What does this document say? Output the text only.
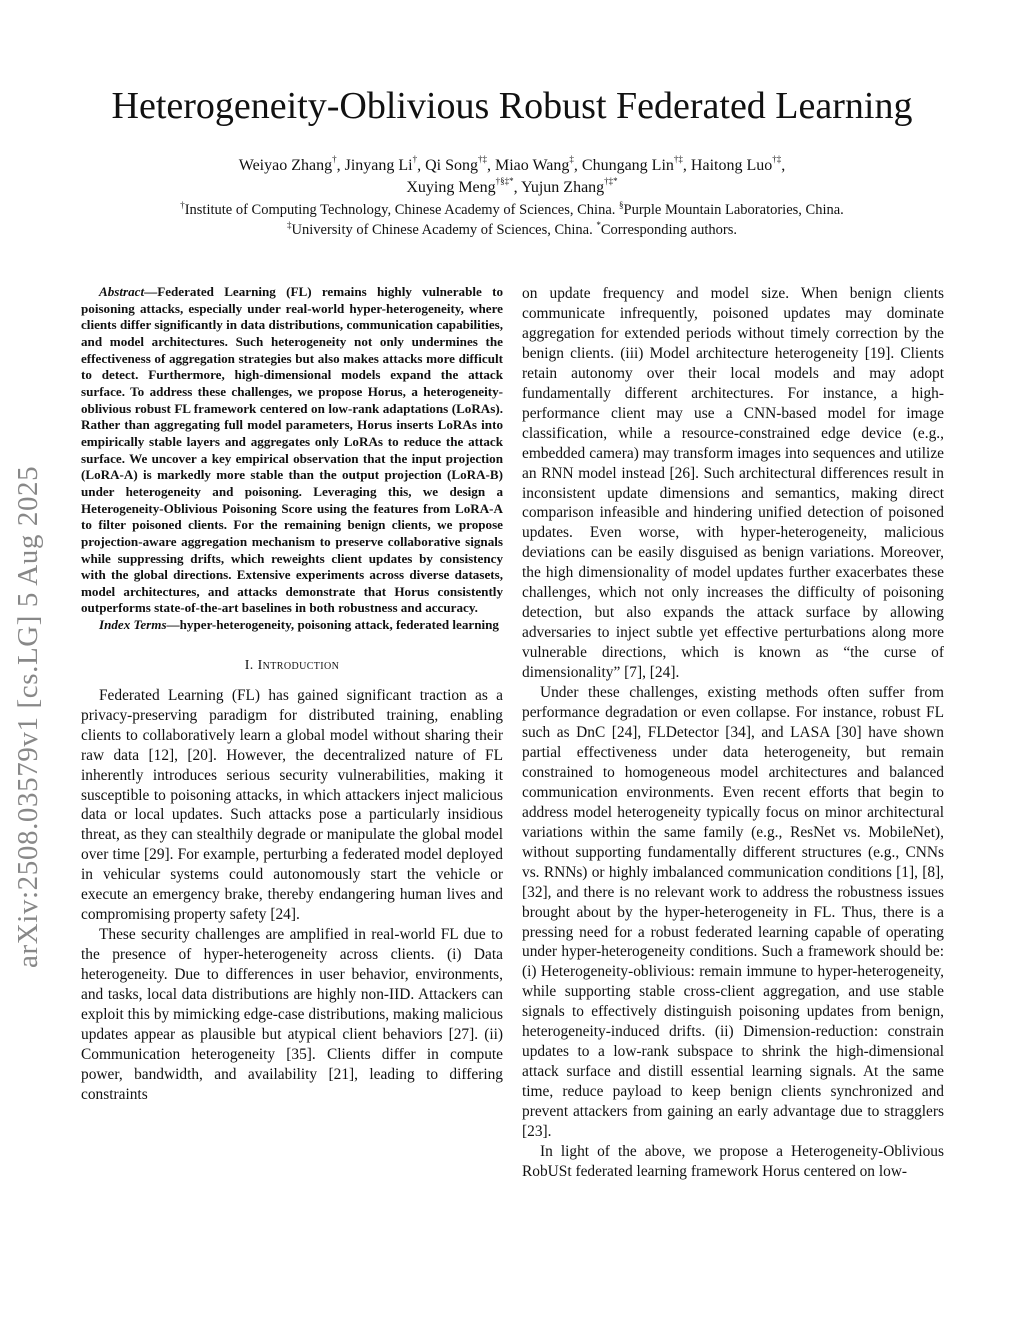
arXiv:2508.03579v1 [cs.LG] 5 Aug 2025
Heterogeneity-Oblivious Robust Federated Learning
Weiyao Zhang†, Jinyang Li†, Qi Song†‡, Miao Wang‡, Chungang Lin†‡, Haitong Luo†‡,
Xuying Meng†§‡*, Yujun Zhang†‡*
†Institute of Computing Technology, Chinese Academy of Sciences, China. §Purple Mountain Laboratories, China.
‡University of Chinese Academy of Sciences, China. *Corresponding authors.

Abstract—Federated Learning (FL) remains highly vulnerable to poisoning attacks, especially under real-world hyper-heterogeneity, where clients differ significantly in data distributions, communication capabilities, and model architectures. Such heterogeneity not only undermines the effectiveness of aggregation strategies but also makes attacks more difficult to detect. Furthermore, high-dimensional models expand the attack surface. To address these challenges, we propose Horus, a heterogeneity-oblivious robust FL framework centered on low-rank adaptations (LoRAs). Rather than aggregating full model parameters, Horus inserts LoRAs into empirically stable layers and aggregates only LoRAs to reduce the attack surface. We uncover a key empirical observation that the input projection (LoRA-A) is markedly more stable than the output projection (LoRA-B) under heterogeneity and poisoning. Leveraging this, we design a Heterogeneity-Oblivious Poisoning Score using the features from LoRA-A to filter poisoned clients. For the remaining benign clients, we propose projection-aware aggregation mechanism to preserve collaborative signals while suppressing drifts, which reweights client updates by consistency with the global directions. Extensive experiments across diverse datasets, model architectures, and attacks demonstrate that Horus consistently outperforms state-of-the-art baselines in both robustness and accuracy.

Index Terms—hyper-heterogeneity, poisoning attack, federated learning

I. Introduction

Federated Learning (FL) has gained significant traction as a privacy-preserving paradigm for distributed training, enabling clients to collaboratively learn a global model without sharing their raw data [12], [20]. However, the decentralized nature of FL inherently introduces serious security vulnerabilities, making it susceptible to poisoning attacks, in which attackers inject malicious data or local updates. Such attacks pose a particularly insidious threat, as they can stealthily degrade or manipulate the global model over time [29]. For example, perturbing a federated model deployed in vehicular systems could autonomously start the vehicle or execute an emergency brake, thereby endangering human lives and compromising property safety [24].

These security challenges are amplified in real-world FL due to the presence of hyper-heterogeneity across clients. (i) Data heterogeneity. Due to differences in user behavior, environments, and tasks, local data distributions are highly non-IID. Attackers can exploit this by mimicking edge-case distributions, making malicious updates appear as plausible but atypical client behaviors [27]. (ii) Communication heterogeneity [35]. Clients differ in compute power, bandwidth, and availability [21], leading to differing constraints

on update frequency and model size. When benign clients communicate infrequently, poisoned updates may dominate aggregation for extended periods without timely correction by the benign clients. (iii) Model architecture heterogeneity [19]. Clients retain autonomy over their local models and may adopt fundamentally different architectures. For instance, a high-performance client may use a CNN-based model for image classification, while a resource-constrained edge device (e.g., embedded camera) may transform images into sequences and utilize an RNN model instead [26]. Such architectural differences result in inconsistent update dimensions and semantics, making direct comparison infeasible and hindering unified detection of poisoned updates. Even worse, with hyper-heterogeneity, malicious deviations can be easily disguised as benign variations. Moreover, the high dimensionality of model updates further exacerbates these challenges, which not only increases the difficulty of poisoning detection, but also expands the attack surface by allowing adversaries to inject subtle yet effective perturbations along more vulnerable directions, which is known as “the curse of dimensionality” [7], [24].

Under these challenges, existing methods often suffer from performance degradation or even collapse. For instance, robust FL such as DnC [24], FLDetector [34], and LASA [30] have shown partial effectiveness under data heterogeneity, but remain constrained to homogeneous model architectures and balanced communication environments. Even recent efforts that begin to address model heterogeneity typically focus on minor architectural variations within the same family (e.g., ResNet vs. MobileNet), without supporting fundamentally different structures (e.g., CNNs vs. RNNs) or highly imbalanced communication conditions [1], [8], [32], and there is no relevant work to address the robustness issues brought about by the hyper-heterogeneity in FL. Thus, there is a pressing need for a robust federated learning capable of operating under hyper-heterogeneity conditions. Such a framework should be: (i) Heterogeneity-oblivious: remain immune to hyper-heterogeneity, while supporting stable cross-client aggregation, and use stable signals to effectively distinguish poisoning updates from benign, heterogeneity-induced drifts. (ii) Dimension-reduction: constrain updates to a low-rank subspace to shrink the high-dimensional attack surface and distill essential learning signals. At the same time, reduce payload to keep benign clients synchronized and prevent attackers from gaining an early advantage due to stragglers [23].

In light of the above, we propose a Heterogeneity-Oblivious RobUSt federated learning framework Horus centered on low-
